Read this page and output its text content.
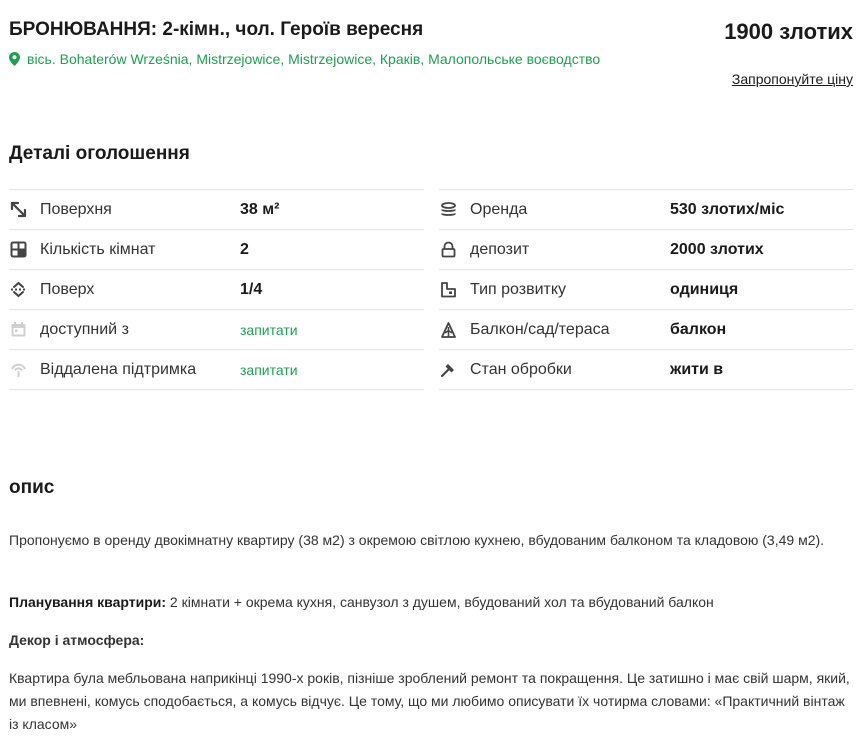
БРОНЮВАННЯ: 2-кімн., чол. Героїв вересня
вісь. Bohaterów Września, Mistrzejowice, Mistrzejowice, Краків, Малопольське воєводство
1900 злотих
Запропонуйте ціну
Деталі оголошення
Поверхня	38 м²
Кількість кімнат	2
Поверх	1/4
доступний з	запитати
Віддалена підтримка	запитати
Оренда	530 злотих/міс
депозит	2000 злотих
Тип розвитку	одиниця
Балкон/сад/тераса	балкон
Стан обробки	жити в
опис
Пропонуємо в оренду двокімнатну квартиру (38 м2) з окремою світлою кухнею, вбудованим балконом та кладовою (3,49 м2).
Планування квартири: 2 кімнати + окрема кухня, санвузол з душем, вбудований хол та вбудований балкон
Декор і атмосфера:
Квартира була мебльована наприкінці 1990-х років, пізніше зроблений ремонт та покращення. Це затишно і має свій шарм, який, ми впевнені, комусь сподобається, а комусь відчує. Це тому, що ми любимо описувати їх чотирма словами: «Практичний вінтаж із класом»
